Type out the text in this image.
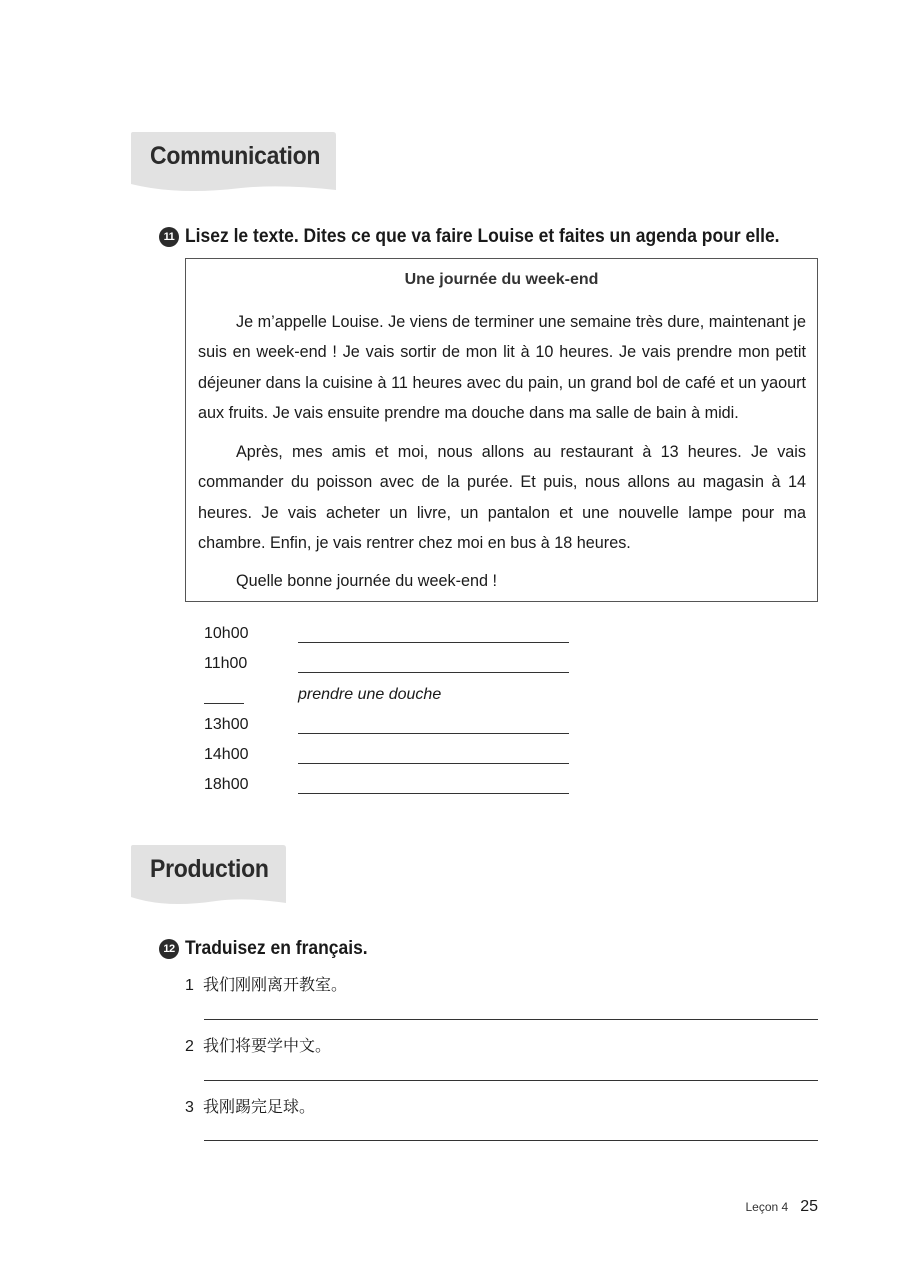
Communication
11 Lisez le texte. Dites ce que va faire Louise et faites un agenda pour elle.
Une journée du week-end
Je m’appelle Louise. Je viens de terminer une semaine très dure, maintenant je suis en week-end ! Je vais sortir de mon lit à 10 heures. Je vais prendre mon petit déjeuner dans la cuisine à 11 heures avec du pain, un grand bol de café et un yaourt aux fruits. Je vais ensuite prendre ma douche dans ma salle de bain à midi.
Après, mes amis et moi, nous allons au restaurant à 13 heures. Je vais commander du poisson avec de la purée. Et puis, nous allons au magasin à 14 heures. Je vais acheter un livre, un pantalon et une nouvelle lampe pour ma chambre. Enfin, je vais rentrer chez moi en bus à 18 heures.
Quelle bonne journée du week-end !
10h00
11h00
prendre une douche
13h00
14h00
18h00
Production
12 Traduisez en français.
1 我们刚刚离开教室。
2 我们将要学中文。
3 我刚踢完足球。
Leçon 4 25
